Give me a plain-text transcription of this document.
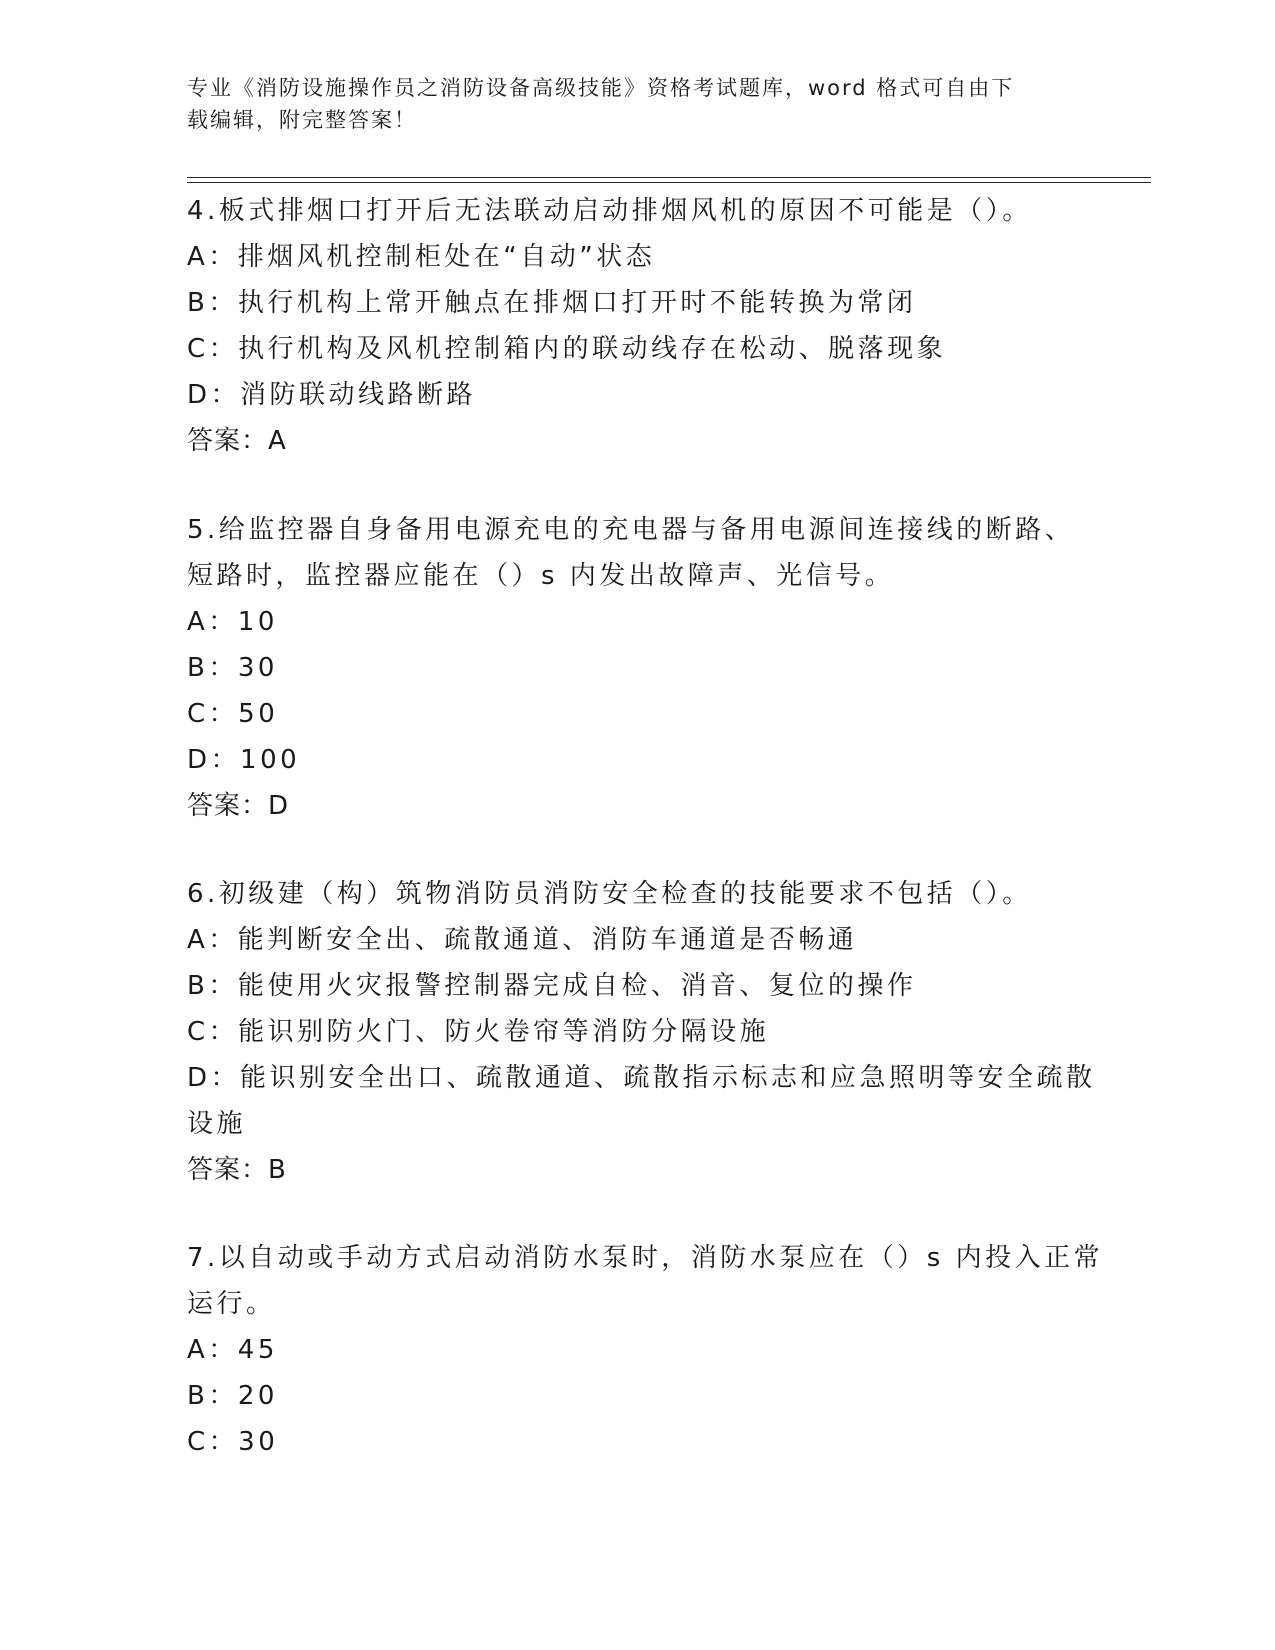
专业《消防设施操作员之消防设备高级技能》资格考试题库，word 格式可自由下
载编辑，附完整答案！
4.板式排烟口打开后无法联动启动排烟风机的原因不可能是（）。
A：排烟风机控制柜处在“自动”状态
B：执行机构上常开触点在排烟口打开时不能转换为常闭
C：执行机构及风机控制箱内的联动线存在松动、脱落现象
D：消防联动线路断路
答案：A
5.给监控器自身备用电源充电的充电器与备用电源间连接线的断路、
短路时，监控器应能在（）s 内发出故障声、光信号。
A：10
B：30
C：50
D：100
答案：D
6.初级建（构）筑物消防员消防安全检查的技能要求不包括（）。
A：能判断安全出、疏散通道、消防车通道是否畅通
B：能使用火灾报警控制器完成自检、消音、复位的操作
C：能识别防火门、防火卷帘等消防分隔设施
D：能识别安全出口、疏散通道、疏散指示标志和应急照明等安全疏散
设施
答案：B
7.以自动或手动方式启动消防水泵时，消防水泵应在（）s 内投入正常
运行。
A：45
B：20
C：30
